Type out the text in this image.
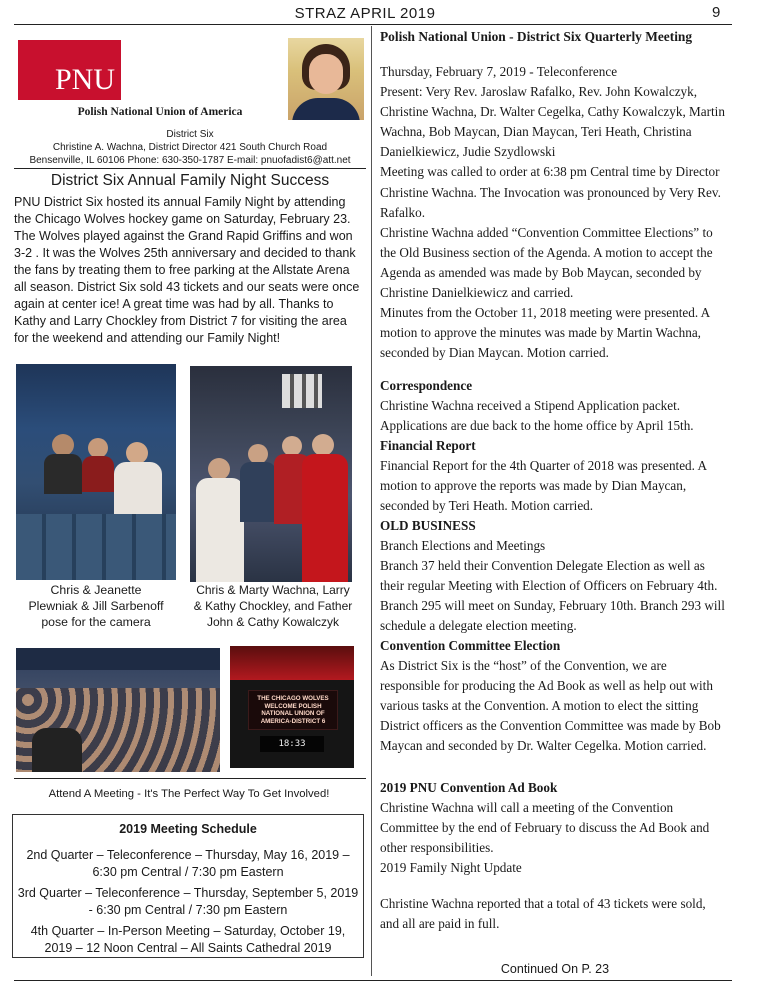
STRAZ APRIL 2019	9
PNU
Polish National Union of America
District Six
Christine A. Wachna, District Director 421 South Church Road
Bensenville, IL 60106 Phone: 630-350-1787 E-mail: pnuofadist6@att.net
District Six Annual Family Night Success
PNU District Six hosted its annual Family Night by attending the Chicago Wolves hockey game on Saturday, February 23. The Wolves played against the Grand Rapid Griffins and won 3-2 . It was the Wolves 25th anniversary and decided to thank the fans by treating them to free parking at the Allstate Arena all season. District Six sold 43 tickets and our seats were once again at center ice! A great time was had by all. Thanks to Kathy and Larry Chockley from District 7 for visiting the area for the weekend and attending our Family Night!
Chris & Jeanette Plewniak & Jill Sarbenoff pose for the camera
Chris & Marty Wachna, Larry & Kathy Chockley, and Father John & Cathy Kowalczyk
THE CHICAGO WOLVES WELCOME POLISH NATIONAL UNION OF AMERICA-DISTRICT 6
18:33
Attend A Meeting - It's The Perfect Way To Get Involved!
2019 Meeting Schedule
2nd Quarter – Teleconference – Thursday, May 16, 2019 – 6:30 pm Central / 7:30 pm Eastern
3rd Quarter – Teleconference – Thursday, September 5, 2019 - 6:30 pm Central / 7:30 pm Eastern
4th Quarter – In-Person Meeting – Saturday, October 19, 2019 – 12 Noon Central – All Saints Cathedral 2019
Polish National Union - District Six Quarterly Meeting
Thursday, February 7, 2019 - Teleconference
Present: Very Rev. Jaroslaw Rafalko, Rev. John Kowalczyk, Christine Wachna, Dr. Walter Cegelka, Cathy Kowalczyk, Martin Wachna, Bob Maycan, Dian Maycan, Teri Heath, Christina Danielkiewicz, Judie Szydlowski
Meeting was called to order at 6:38 pm Central time by Director Christine Wachna. The Invocation was pronounced by Very Rev. Rafalko.
Christine Wachna added “Convention Committee Elections” to the Old Business section of the Agenda. A motion to accept the Agenda as amended was made by Bob Maycan, seconded by Christine Danielkiewicz and carried.
Minutes from the October 11, 2018 meeting were presented. A motion to approve the minutes was made by Martin Wachna, seconded by Dian Maycan. Motion carried.
Correspondence
Christine Wachna received a Stipend Application packet. Applications are due back to the home office by April 15th.
Financial Report
Financial Report for the 4th Quarter of 2018 was presented. A motion to approve the reports was made by Dian Maycan, seconded by Teri Heath. Motion carried.
OLD BUSINESS
Branch Elections and Meetings
Branch 37 held their Convention Delegate Election as well as their regular Meeting with Election of Officers on February 4th. Branch 295 will meet on Sunday, February 10th. Branch 293 will schedule a delegate election meeting.
Convention Committee Election
As District Six is the “host” of the Convention, we are responsible for producing the Ad Book as well as help out with various tasks at the Convention. A motion to elect the sitting District officers as the Convention Committee was made by Bob Maycan and seconded by Dr. Walter Cegelka. Motion carried.
2019 PNU Convention Ad Book
Christine Wachna will call a meeting of the Convention Committee by the end of February to discuss the Ad Book and other responsibilities.
2019 Family Night Update
Christine Wachna reported that a total of 43 tickets were sold, and all are paid in full.
Continued On P. 23
